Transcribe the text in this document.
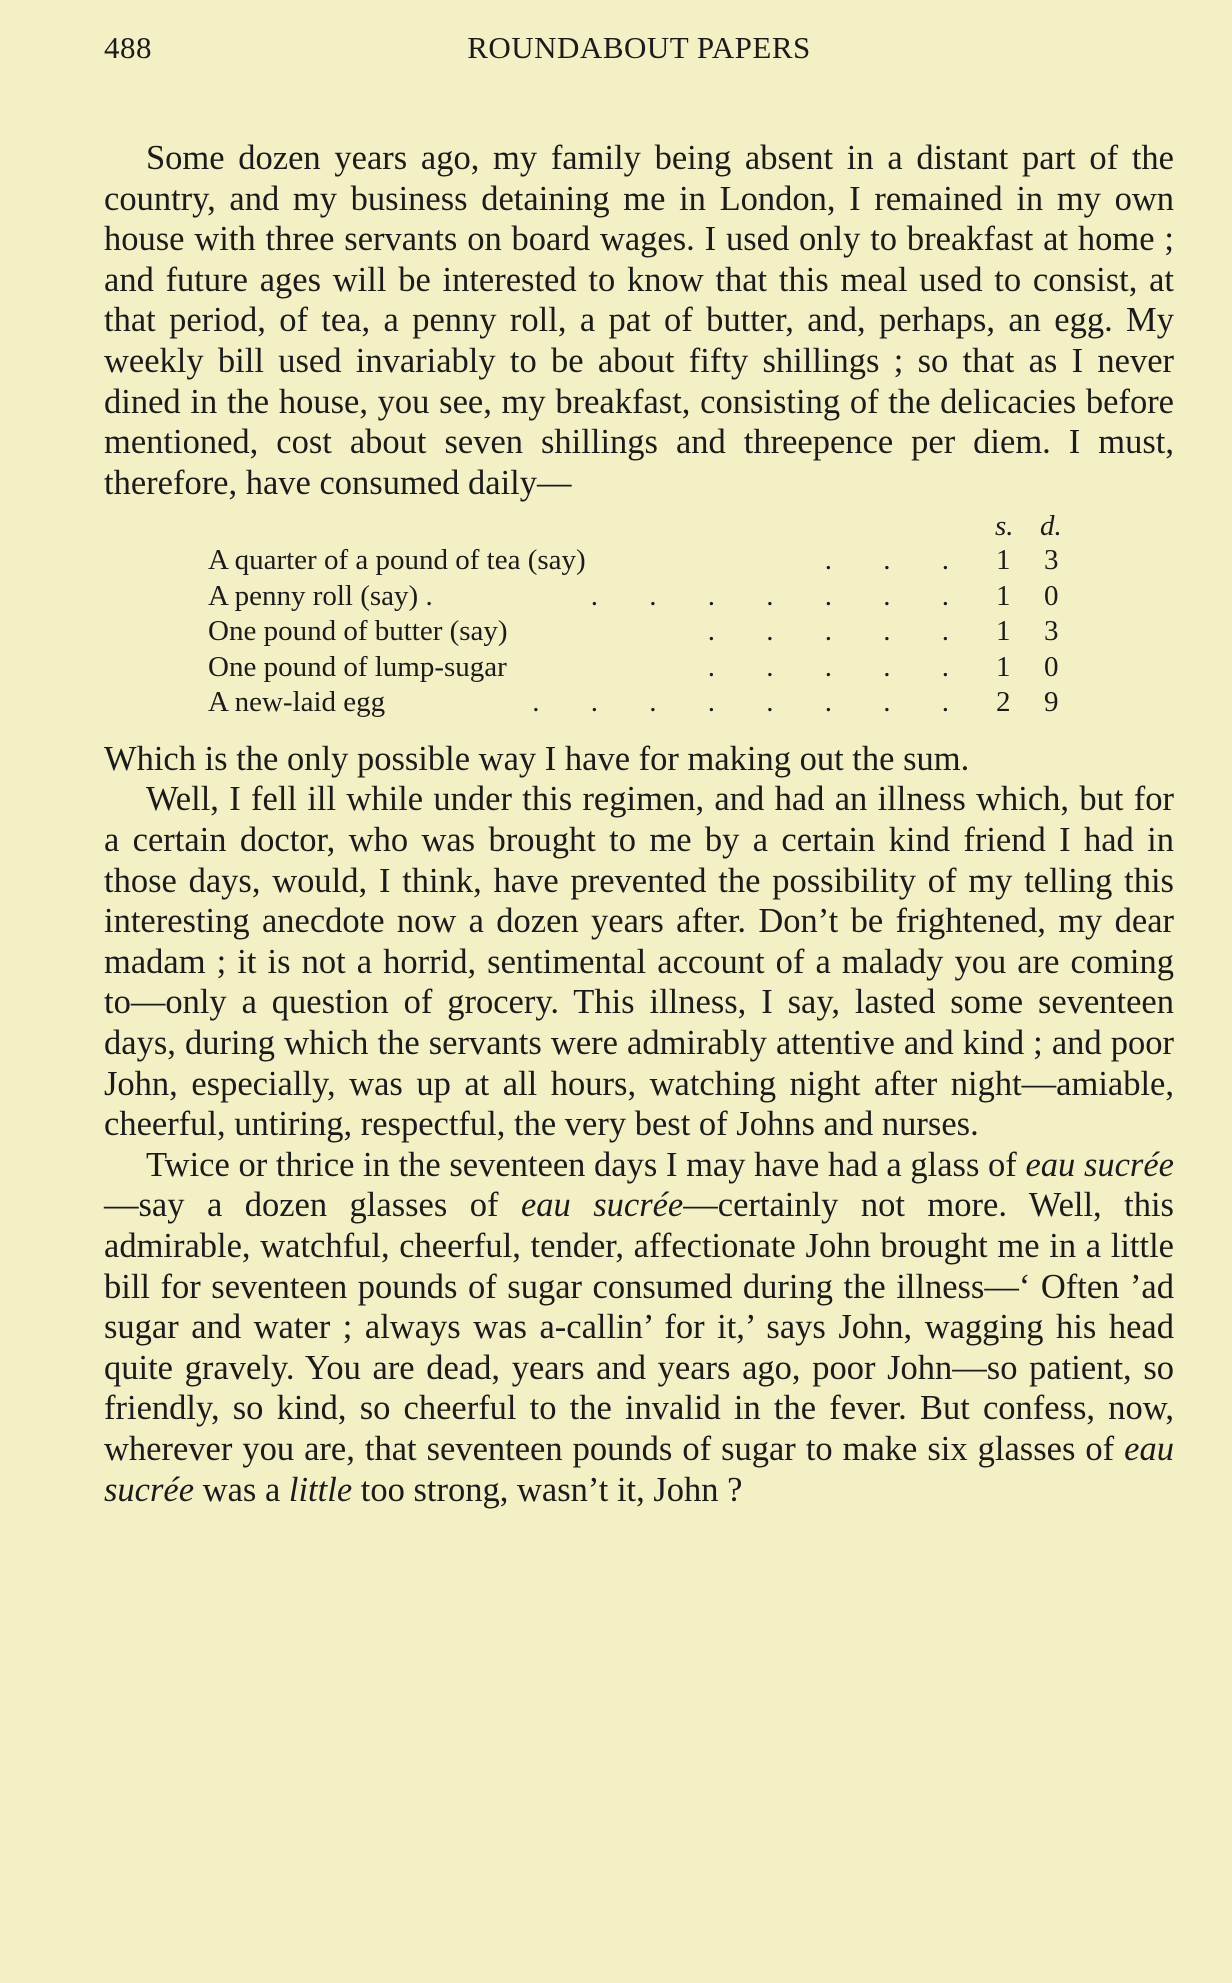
488	ROUNDABOUT PAPERS

Some dozen years ago, my family being absent in a distant part of the country, and my business detaining me in London, I remained in my own house with three servants on board wages. I used only to breakfast at home ; and future ages will be interested to know that this meal used to consist, at that period, of tea, a penny roll, a pat of butter, and, perhaps, an egg. My weekly bill used invariably to be about fifty shillings ; so that as I never dined in the house, you see, my breakfast, consisting of the delicacies before mentioned, cost about seven shillings and threepence per diem. I must, therefore, have consumed daily—

s. d.
A quarter of a pound of tea (say)	. . . 1 3
A penny roll (say) .	. . . . . . . 1 0
One pound of butter (say)	. . . . . 1 3
One pound of lump-sugar	. . . . . 1 0
A new-laid egg	. . . . . . . . 2 9

Which is the only possible way I have for making out the sum.

Well, I fell ill while under this regimen, and had an illness which, but for a certain doctor, who was brought to me by a certain kind friend I had in those days, would, I think, have prevented the possibility of my telling this interesting anecdote now a dozen years after. Don’t be frightened, my dear madam ; it is not a horrid, sentimental account of a malady you are coming to—only a question of grocery. This illness, I say, lasted some seventeen days, during which the servants were admirably attentive and kind ; and poor John, especially, was up at all hours, watching night after night—amiable, cheerful, untiring, respectful, the very best of Johns and nurses.

Twice or thrice in the seventeen days I may have had a glass of eau sucrée—say a dozen glasses of eau sucrée—certainly not more. Well, this admirable, watchful, cheerful, tender, affectionate John brought me in a little bill for seventeen pounds of sugar consumed during the illness—‘ Often ’ad sugar and water ; always was a-callin’ for it,’ says John, wagging his head quite gravely. You are dead, years and years ago, poor John—so patient, so friendly, so kind, so cheerful to the invalid in the fever. But confess, now, wherever you are, that seventeen pounds of sugar to make six glasses of eau sucrée was a little too strong, wasn’t it, John ?
